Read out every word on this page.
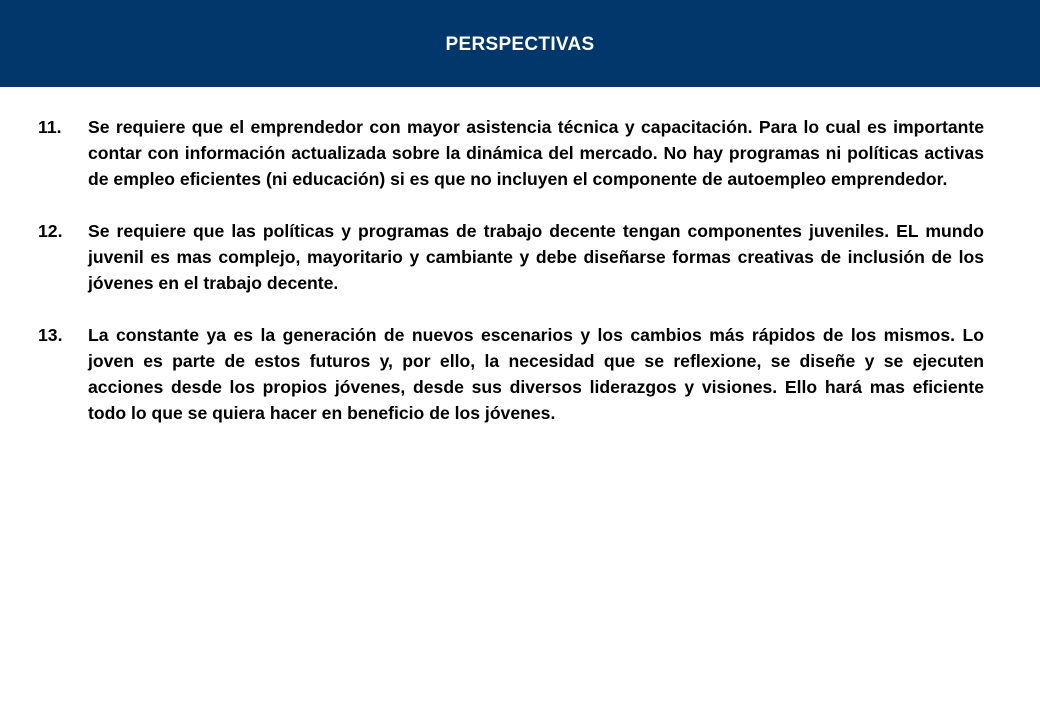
PERSPECTIVAS
11. Se requiere que el emprendedor con mayor asistencia técnica y capacitación. Para lo cual es importante contar con información actualizada sobre la dinámica del mercado. No hay programas ni políticas activas de empleo eficientes (ni educación) si es que no incluyen el componente de autoempleo emprendedor.
12. Se requiere que las políticas y programas de trabajo decente tengan componentes juveniles. EL mundo juvenil es mas complejo, mayoritario y cambiante y debe diseñarse formas creativas de inclusión de los jóvenes en el trabajo decente.
13. La constante ya es la generación de nuevos escenarios y los cambios más rápidos de los mismos. Lo joven es parte de estos futuros y, por ello, la necesidad que se reflexione, se diseñe y se ejecuten acciones desde los propios jóvenes, desde sus diversos liderazgos y visiones. Ello hará mas eficiente todo lo que se quiera hacer en beneficio de los jóvenes.
